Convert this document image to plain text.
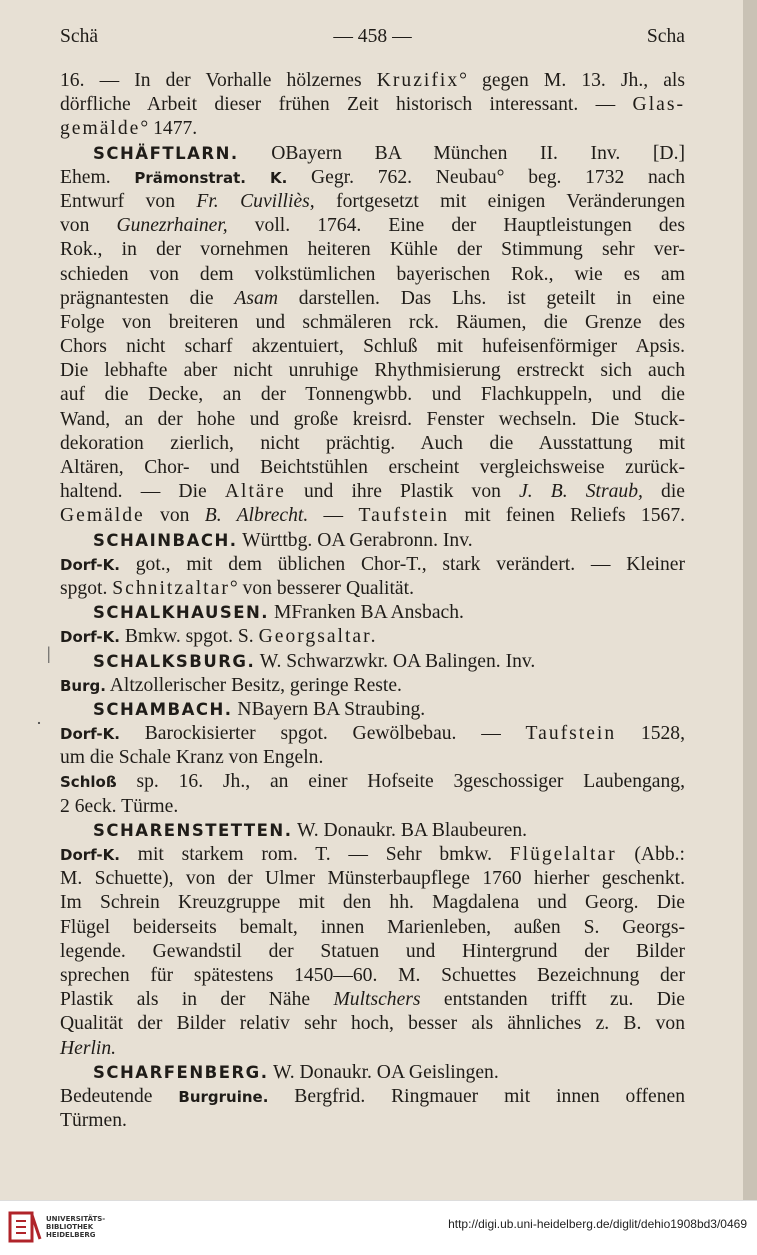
Schä	— 458 —	Scha
16. — In der Vorhalle hölzernes Kruzifix° gegen M. 13. Jh., als
dörfliche Arbeit dieser frühen Zeit historisch interessant. — Glas-
gemälde° 1477.
SCHÄFTLARN. OBayern BA München II. Inv. [D.]
Ehem. Prämonstrat. K. Gegr. 762. Neubau° beg. 1732 nach
Entwurf von Fr. Cuvilliès, fortgesetzt mit einigen Veränderungen
von Gunezrhainer, voll. 1764. Eine der Hauptleistungen des
Rok., in der vornehmen heiteren Kühle der Stimmung sehr ver-
schieden von dem volkstümlichen bayerischen Rok., wie es am
prägnantesten die Asam darstellen. Das Lhs. ist geteilt in eine
Folge von breiteren und schmäleren rck. Räumen, die Grenze des
Chors nicht scharf akzentuiert, Schluß mit hufeisenförmiger Apsis.
Die lebhafte aber nicht unruhige Rhythmisierung erstreckt sich auch
auf die Decke, an der Tonnengwbb. und Flachkuppeln, und die
Wand, an der hohe und große kreisrd. Fenster wechseln. Die Stuck-
dekoration zierlich, nicht prächtig. Auch die Ausstattung mit
Altären, Chor- und Beichtstühlen erscheint vergleichsweise zurück-
haltend. — Die Altäre und ihre Plastik von J. B. Straub, die
Gemälde von B. Albrecht. — Taufstein mit feinen Reliefs 1567.
SCHAINBACH. Württbg. OA Gerabronn. Inv.
Dorf-K. got., mit dem üblichen Chor-T., stark verändert. — Kleiner
spgot. Schnitzaltar° von besserer Qualität.
SCHALKHAUSEN. MFranken BA Ansbach.
Dorf-K. Bmkw. spgot. S. Georgsaltar.
SCHALKSBURG. W. Schwarzwkr. OA Balingen. Inv.
Burg. Altzollerischer Besitz, geringe Reste.
SCHAMBACH. NBayern BA Straubing.
Dorf-K. Barockisierter spgot. Gewölbebau. — Taufstein 1528,
um die Schale Kranz von Engeln.
Schloß sp. 16. Jh., an einer Hofseite 3geschossiger Laubengang,
2 6eck. Türme.
SCHARENSTETTEN. W. Donaukr. BA Blaubeuren.
Dorf-K. mit starkem rom. T. — Sehr bmkw. Flügelaltar (Abb.:
M. Schuette), von der Ulmer Münsterbaupflege 1760 hierher geschenkt.
Im Schrein Kreuzgruppe mit den hh. Magdalena und Georg. Die
Flügel beiderseits bemalt, innen Marienleben, außen S. Georgs-
legende. Gewandstil der Statuen und Hintergrund der Bilder
sprechen für spätestens 1450—60. M. Schuettes Bezeichnung der
Plastik als in der Nähe Multschers entstanden trifft zu. Die
Qualität der Bilder relativ sehr hoch, besser als ähnliches z. B. von
Herlin.
SCHARFENBERG. W. Donaukr. OA Geislingen.
Bedeutende Burgruine. Bergfrid. Ringmauer mit innen offenen
Türmen.
|
·
UNIVERSITÄTS-
BIBLIOTHEK
HEIDELBERG
http://digi.ub.uni-heidelberg.de/diglit/dehio1908bd3/0469
